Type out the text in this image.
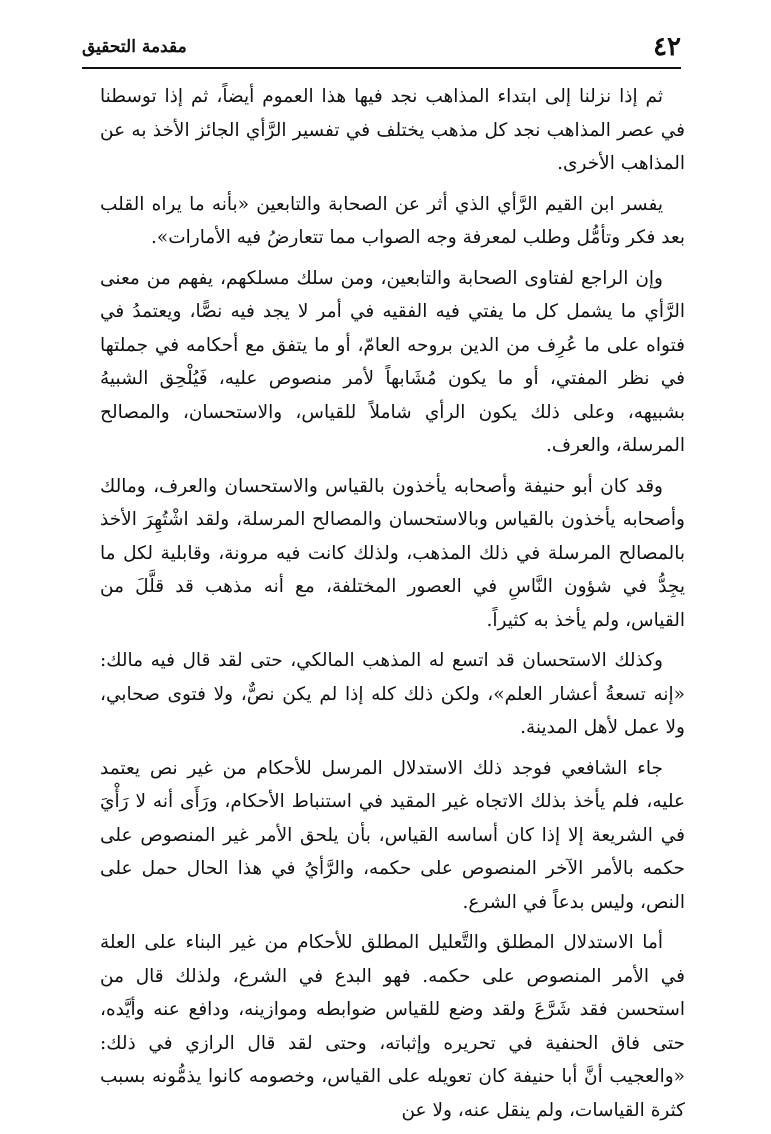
٤٢
مقدمة التحقيق

ثم إذا نزلنا إلى ابتداء المذاهب نجد فيها هذا العموم أيضاً، ثم إذا توسطنا في عصر المذاهب نجد كل مذهب يختلف في تفسير الرَّأي الجائز الأخذ به عن المذاهب الأخرى.

يفسر ابن القيم الرَّأي الذي أثر عن الصحابة والتابعين «بأنه ما يراه القلب بعد فكر وتأمُّل وطلب لمعرفة وجه الصواب مما تتعارضُ فيه الأمارات».

وإن الراجع لفتاوى الصحابة والتابعين، ومن سلك مسلكهم، يفهم من معنى الرَّأي ما يشمل كل ما يفتي فيه الفقيه في أمر لا يجد فيه نصًّا، ويعتمدُ في فتواه على ما عُرِف من الدين بروحه العامّ، أو ما يتفق مع أحكامه في جملتها في نظر المفتي، أو ما يكون مُشَابهاً لأمر منصوص عليه، فَيُلْحِق الشبيهُ بشبيهه، وعلى ذلك يكون الرأي شاملاً للقياس، والاستحسان، والمصالح المرسلة، والعرف.

وقد كان أبو حنيفة وأصحابه يأخذون بالقياس والاستحسان والعرف، ومالك وأصحابه يأخذون بالقياس وبالاستحسان والمصالح المرسلة، ولقد اشْتُهِرَ الأخذ بالمصالح المرسلة في ذلك المذهب، ولذلك كانت فيه مرونة، وقابلية لكل ما يجِدُّ في شؤون النَّاسِ في العصور المختلفة، مع أنه مذهب قد قلَّلَ من القياس، ولم يأخذ به كثيراً.

وكذلك الاستحسان قد اتسع له المذهب المالكي، حتى لقد قال فيه مالك: «إنه تسعةُ أعشار العلم»، ولكن ذلك كله إذا لم يكن نصٌّ، ولا فتوى صحابي، ولا عمل لأهل المدينة.

جاء الشافعي فوجد ذلك الاستدلال المرسل للأحكام من غير نص يعتمد عليه، فلم يأخذ بذلك الاتجاه غير المقيد في استنباط الأحكام، ورَأَى أنه لا رَأْيَ في الشريعة إلا إذا كان أساسه القياس، بأن يلحق الأمر غير المنصوص على حكمه بالأمر الآخر المنصوص على حكمه، والرَّأيُ في هذا الحال حمل على النص، وليس بدعاً في الشرع.

أما الاستدلال المطلق والتَّعليل المطلق للأحكام من غير البناء على العلة في الأمر المنصوص على حكمه. فهو البدع في الشرع، ولذلك قال من استحسن فقد شَرَّعَ ولقد وضع للقياس ضوابطه وموازينه، ودافع عنه وأيَّده، حتى فاق الحنفية في تحريره وإثباته، وحتى لقد قال الرازي في ذلك: «والعجيب أنَّ أبا حنيفة كان تعويله على القياس، وخصومه كانوا يذمُّونه بسبب كثرة القياسات، ولم ينقل عنه، ولا عن
